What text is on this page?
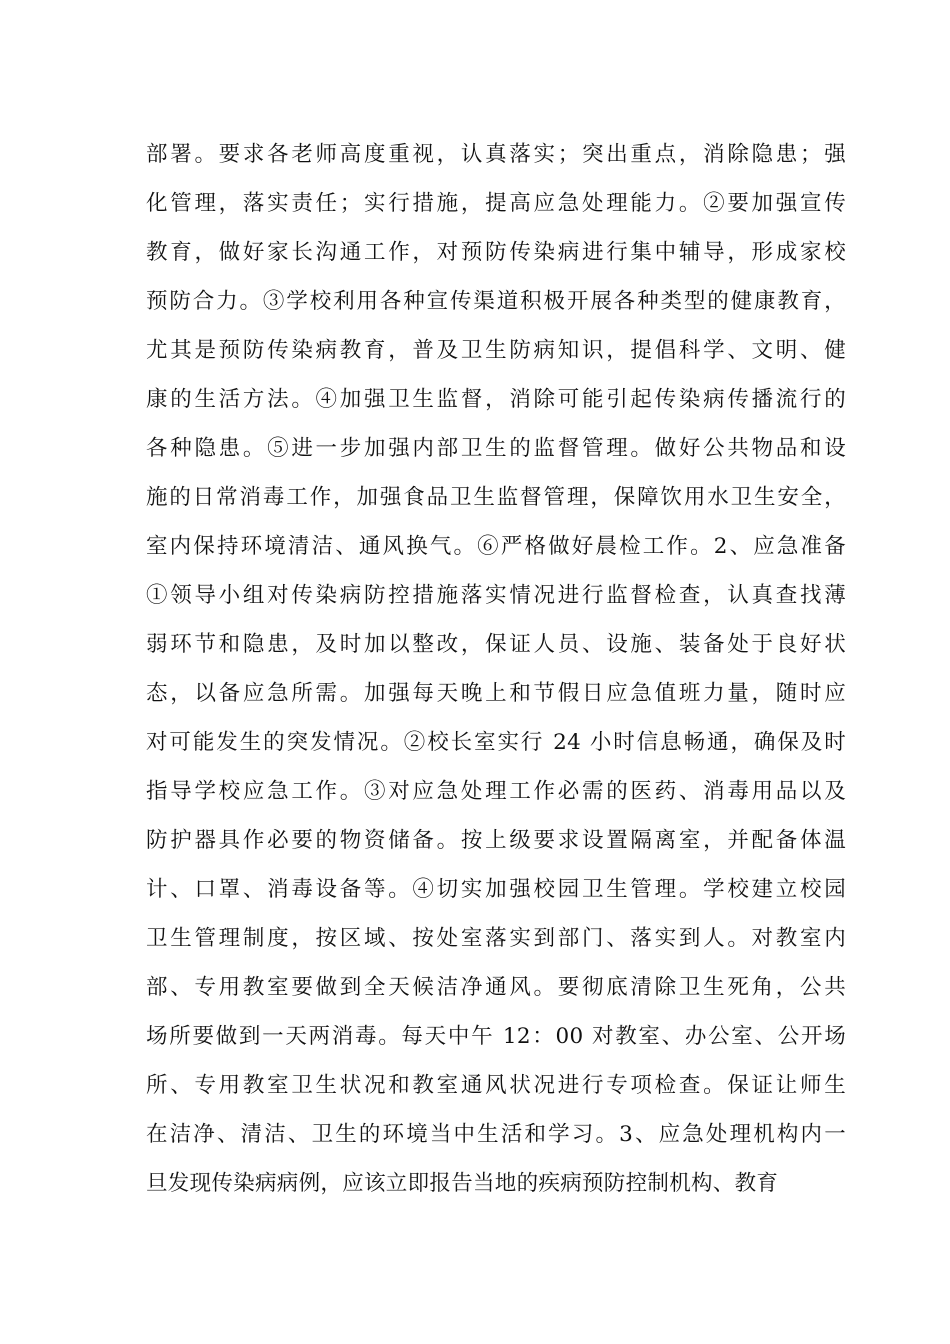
部署。要求各老师高度重视，认真落实；突出重点，消除隐患；强
化管理，落实责任；实行措施，提高应急处理能力。②要加强宣传
教育，做好家长沟通工作，对预防传染病进行集中辅导，形成家校
预防合力。③学校利用各种宣传渠道积极开展各种类型的健康教育，
尤其是预防传染病教育，普及卫生防病知识，提倡科学、文明、健
康的生活方法。④加强卫生监督，消除可能引起传染病传播流行的
各种隐患。⑤进一步加强内部卫生的监督管理。做好公共物品和设
施的日常消毒工作，加强食品卫生监督管理，保障饮用水卫生安全，
室内保持环境清洁、通风换气。⑥严格做好晨检工作。2、应急准备
①领导小组对传染病防控措施落实情况进行监督检查，认真查找薄
弱环节和隐患，及时加以整改，保证人员、设施、装备处于良好状
态，以备应急所需。加强每天晚上和节假日应急值班力量，随时应
对可能发生的突发情况。②校长室实行 24 小时信息畅通，确保及时
指导学校应急工作。③对应急处理工作必需的医药、消毒用品以及
防护器具作必要的物资储备。按上级要求设置隔离室，并配备体温
计、口罩、消毒设备等。④切实加强校园卫生管理。学校建立校园
卫生管理制度，按区域、按处室落实到部门、落实到人。对教室内
部、专用教室要做到全天候洁净通风。要彻底清除卫生死角，公共
场所要做到一天两消毒。每天中午 12：00 对教室、办公室、公开场
所、专用教室卫生状况和教室通风状况进行专项检查。保证让师生
在洁净、清洁、卫生的环境当中生活和学习。3、应急处理机构内一
旦发现传染病病例，应该立即报告当地的疾病预防控制机构、教育
